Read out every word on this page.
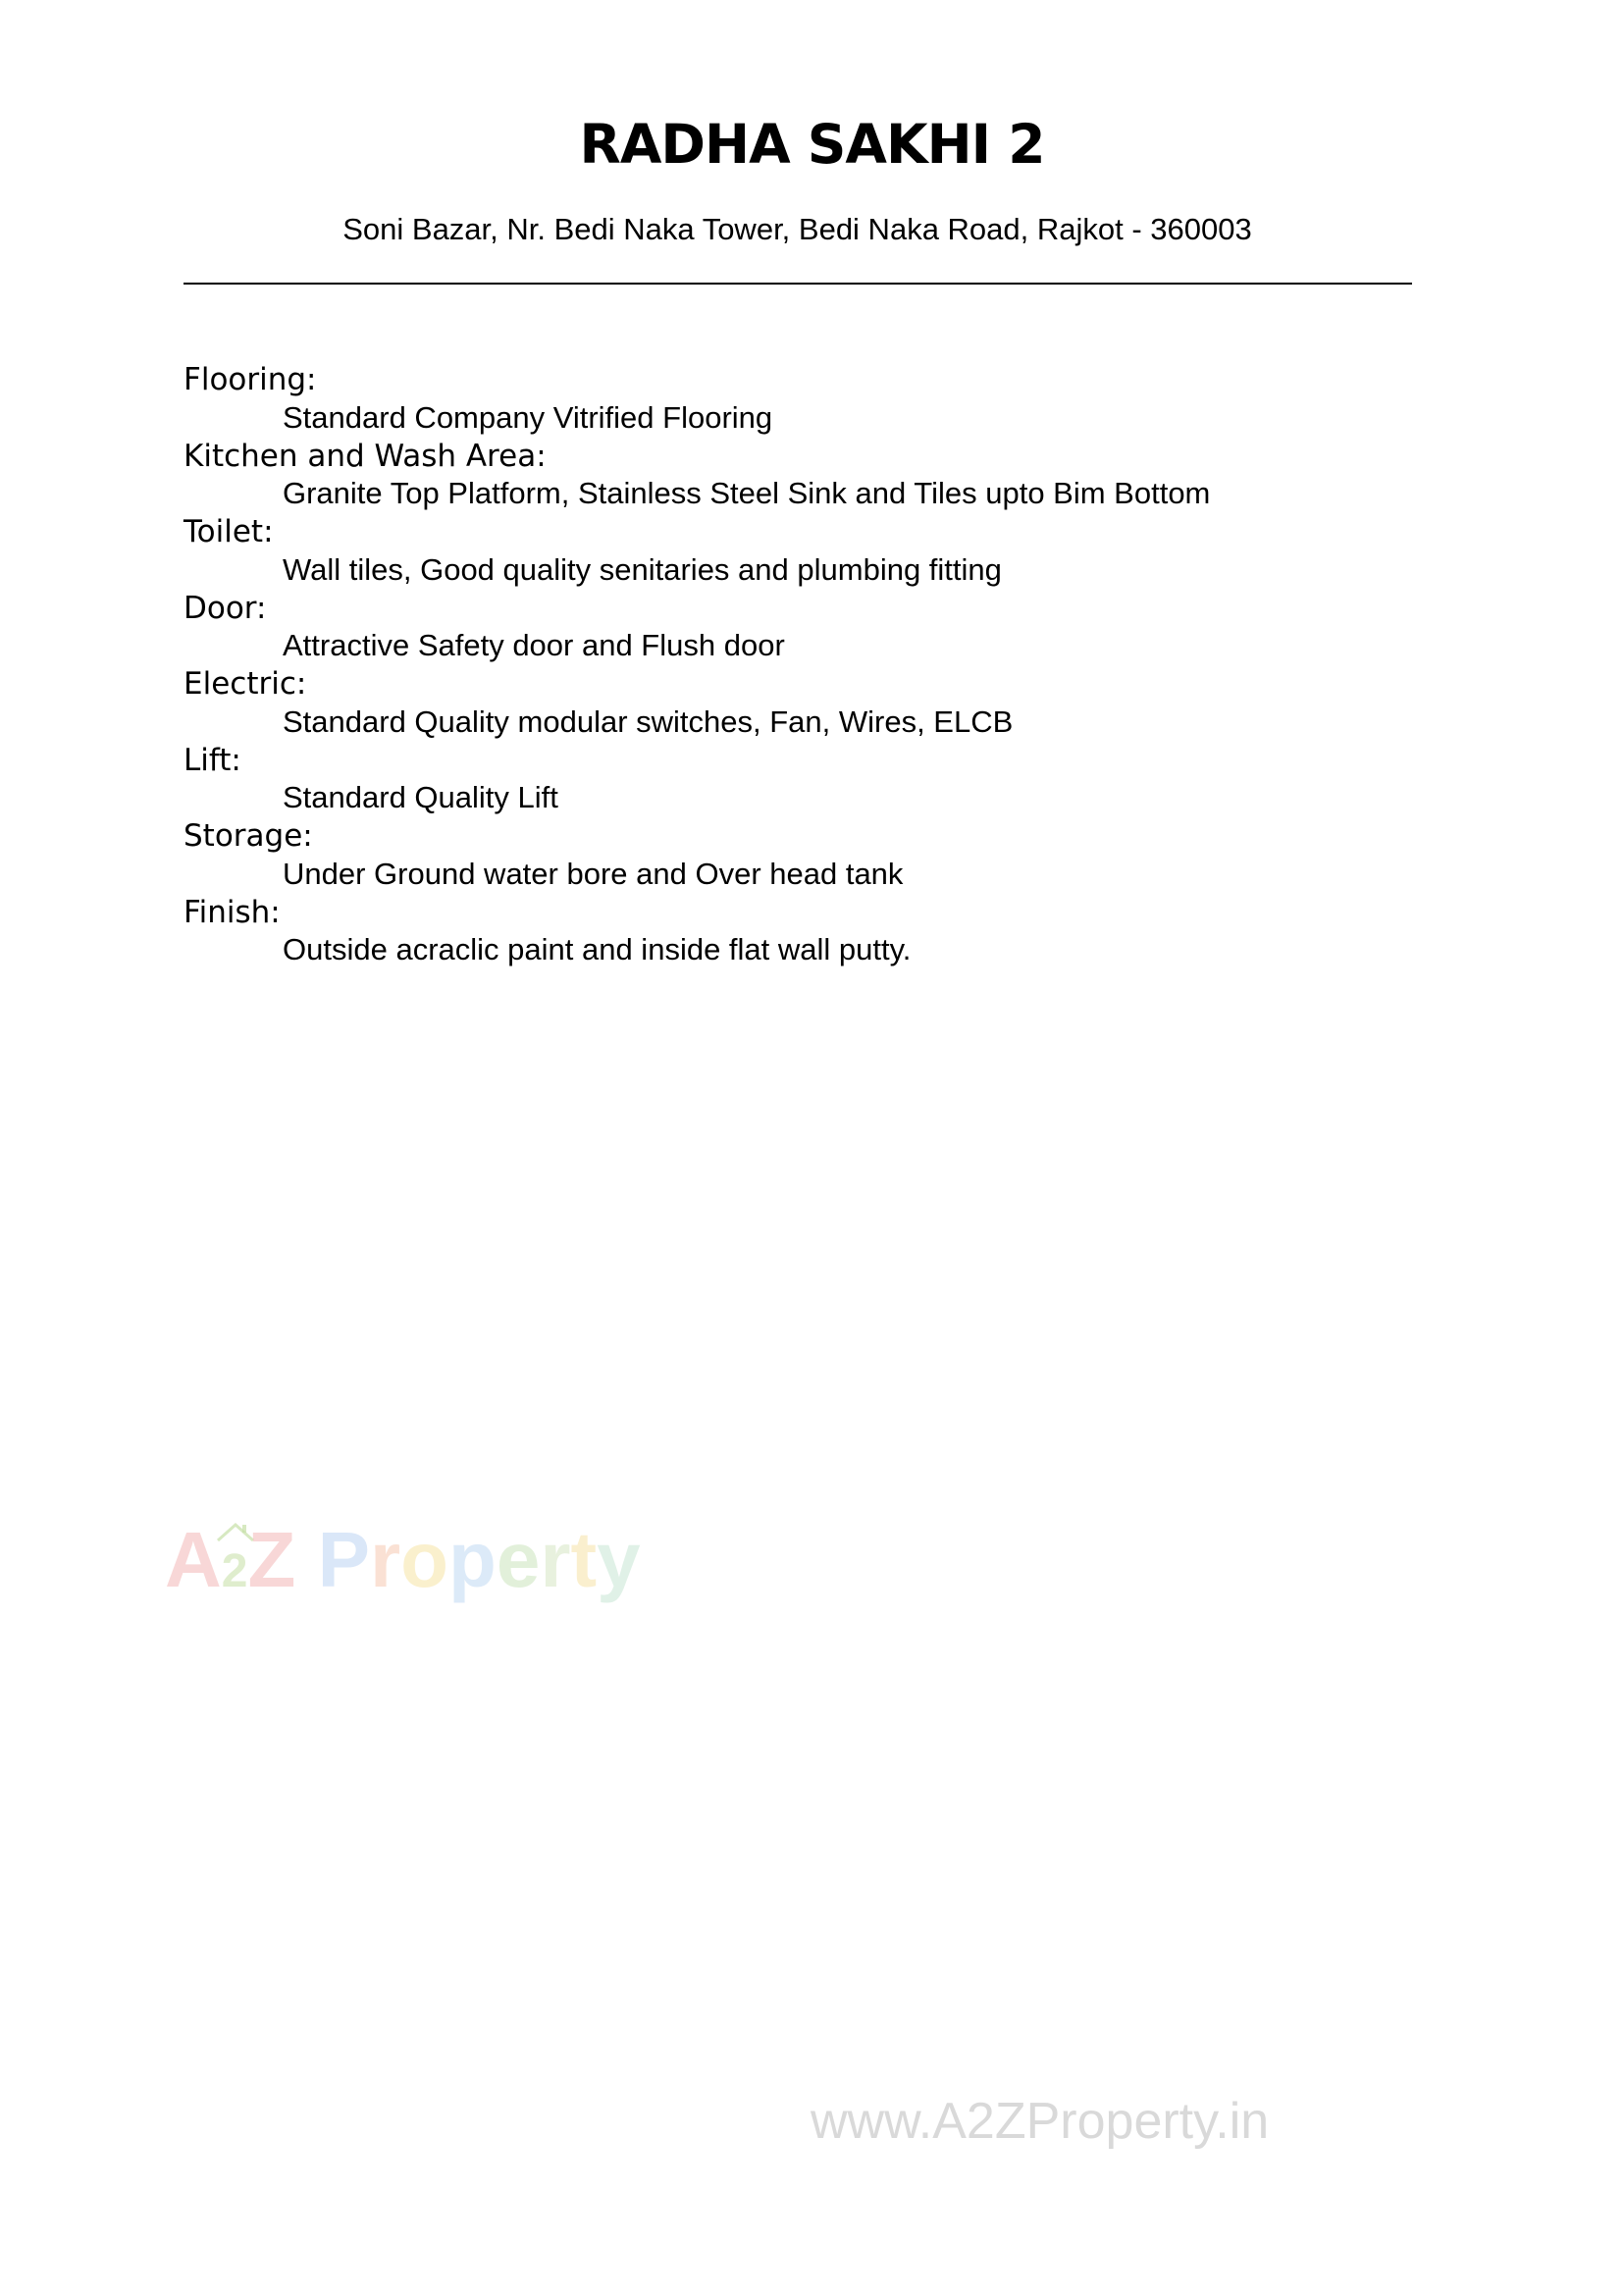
RADHA SAKHI 2
Soni Bazar, Nr. Bedi Naka Tower, Bedi Naka Road, Rajkot - 360003
Flooring:
Standard Company Vitrified Flooring
Kitchen and Wash Area:
Granite Top Platform, Stainless Steel Sink and Tiles upto Bim Bottom
Toilet:
Wall tiles, Good quality senitaries and plumbing fitting
Door:
Attractive Safety door and Flush door
Electric:
Standard Quality modular switches, Fan, Wires, ELCB
Lift:
Standard Quality Lift
Storage:
Under Ground water bore and Over head tank
Finish:
Outside acraclic paint and inside flat wall putty.
A2Z Property
www.A2ZProperty.in
